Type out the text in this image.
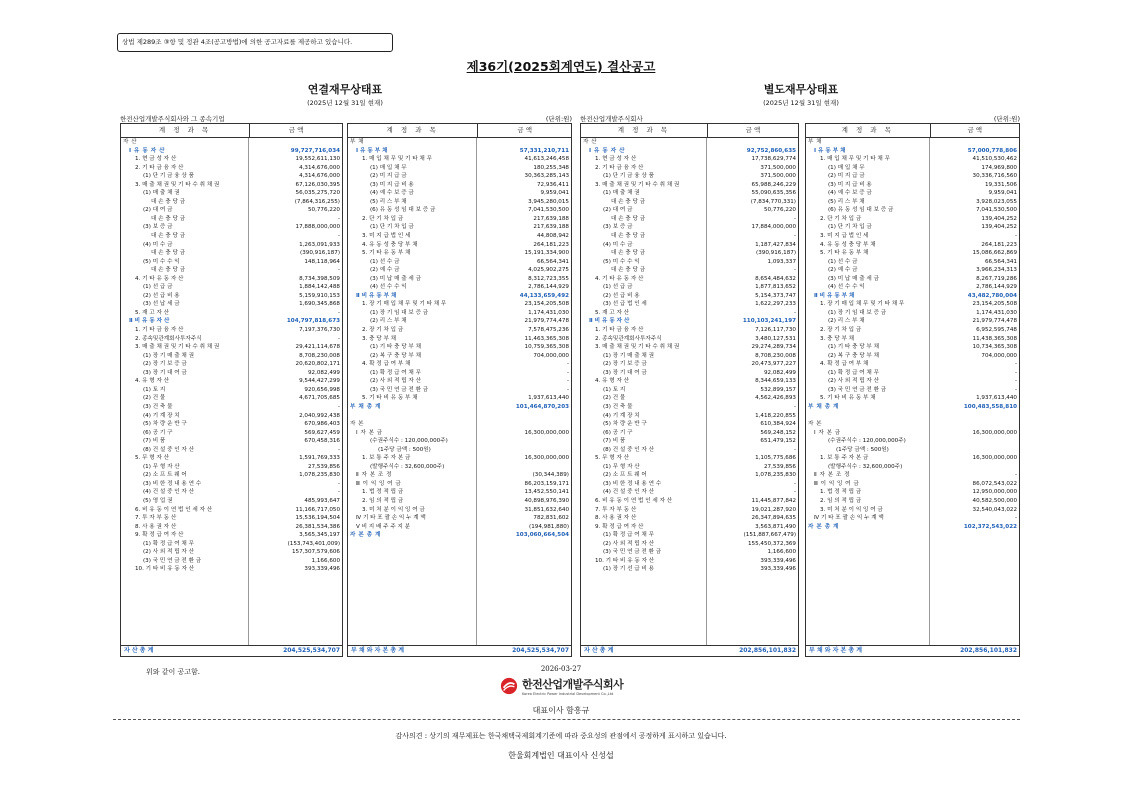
상법 제289조 ③항 및 정관 4조(공고방법)에 의한 공고자료를 제공하고 있습니다.
제36기(2025회계연도) 결산공고
연결재무상태표
(2025년 12월 31일 현재)
별도재무상태표
(2025년 12월 31일 현재)
한전산업개발주식회사와 그 종속기업	(단위:원) 한전산업개발주식회사	(단위:원)
계 정 과 목	금 액
자 산
Ⅰ 유 동 자 산	99,727,716,034
1. 현 금 성 자 산	19,552,611,130
2. 기 타 금 융 자 산	4,314,676,000
(1) 단 기 금 융 상 품	4,314,676,000
3. 매 출 채 권 및 기 타 수 취 채 권	67,126,030,395
(1) 매 출 채 권	56,035,275,720
대 손 충 당 금	(7,864,316,255)
(2) 대 여 금	50,776,220
대 손 충 당 금	-
(3) 보 증 금	17,888,000,000
대 손 충 당 금	-
(4) 미 수 금	1,263,091,933
대 손 충 당 금	(390,916,187)
(5) 미 수 수 익	148,118,964
대 손 충 당 금	-
4. 기 타 유 동 자 산	8,734,398,509
(1) 선 급 금	1,884,142,488
(2) 선 급 비 용	5,159,910,153
(3) 선 납 세 금	1,690,345,868
5. 재 고 자 산	-
Ⅱ 비 유 동 자 산	104,797,818,673
1. 기 타 금 융 자 산	7,197,376,730
2. 종속및관계회사투자주식	-
3. 매 출 채 권 및 기 타 수 취 채 권	29,421,114,678
(1) 장 기 매 출 채 권	8,708,230,008
(2) 장 기 보 증 금	20,620,802,171
(3) 장 기 대 여 금	92,082,499
4. 유 형 자 산	9,544,427,299
(1) 토 지	920,656,998
(2) 건 물	4,671,705,685
(3) 건 축 물	-
(4) 기 계 장 치	2,040,992,438
(5) 차 량 운 반 구	670,986,403
(6) 공 기 구	569,627,459
(7) 비 품	670,458,316
(8) 건 설 중 인 자 산	-
5. 무 형 자 산	1,591,769,333
(1) 무 형 자 산	27,539,856
(2) 소 프 트 웨 어	1,078,235,830
(3) 비 한 정 내 용 연 수	-
(4) 건 설 중 인 자 산	-
(5) 영 업 권	485,993,647
6. 비 유 동 이 연 법 인 세 자 산	11,166,717,050
7. 투 자 부 동 산	15,536,194,504
8. 사 용 권 자 산	26,381,534,386
9. 확 정 급 여 자 산	3,565,345,197
(1) 확 정 급 여 채 무	(153,743,401,009)
(2) 사 외 적 립 자 산	157,307,579,606
(3) 국 민 연 금 전 환 금	1,166,600
10. 기 타 비 유 동 자 산	393,339,496
자 산 총 계	204,525,534,707
계 정 과 목	금 액
부 채
Ⅰ 유 동 부 채	57,331,210,711
1. 매 입 채 무 및 기 타 채 무	41,613,246,458
(1) 매 입 채 무	180,255,348
(2) 미 지 급 금	30,363,285,143
(3) 미 지 급 비 용	72,936,411
(4) 예 수 보 증 금	9,959,041
(5) 리 스 부 채	3,945,280,015
(6) 유 동 성 임 대 보 증 금	7,041,530,500
2. 단 기 차 입 금	217,639,188
(1) 단 기 차 입 금	217,639,188
3. 미 지 급 법 인 세	44,808,942
4. 유 동 성 충 당 부 채	264,181,223
5. 기 타 유 동 부 채	15,191,334,900
(1) 선 수 금	66,564,341
(2) 예 수 금	4,025,902,275
(3) 미 납 매 출 세 금	8,312,723,355
(4) 선 수 수 익	2,786,144,929
Ⅱ 비 유 동 부 채	44,133,659,492
1. 장 기 매 입 채 무 및 기 타 채 무	23,154,205,508
(1) 장 기 임 대 보 증 금	1,174,431,030
(2) 리 스 부 채	21,979,774,478
2. 장 기 차 입 금	7,578,475,236
3. 충 당 부 채	11,463,365,308
(1) 기 타 충 당 부 채	10,759,365,308
(2) 복 구 충 당 부 채	704,000,000
4. 확 정 급 여 부 채	-
(1) 확 정 급 여 채 무	-
(2) 사 외 적 립 자 산	-
(3) 국 민 연 금 전 환 금	-
5. 기 타 비 유 동 부 채	1,937,613,440
부 채 총 계	101,464,870,203
자 본
Ⅰ 자 본 금	16,300,000,000
(수권주식수 : 120,000,000주)
(1주당 금액 : 500원)
1. 보 통 주 자 본 금	16,300,000,000
(발행주식수 : 32,600,000주)
Ⅱ 자 본 조 정	(30,344,389)
Ⅲ 이 익 잉 여 금	86,203,159,171
1. 법 정 적 립 금	13,452,550,141
2. 임 의 적 립 금	40,898,976,390
3. 미 처 분 이 익 잉 여 금	31,851,632,640
Ⅳ 기 타 포 괄 손 익 누 계 액	782,831,602
Ⅴ 비 지 배 주 주 지 분	(194,981,880)
자 본 총 계	103,060,664,504
부 채 와 자 본 총 계	204,525,534,707
계 정 과 목	금 액
자 산
Ⅰ 유 동 자 산	92,752,860,635
1. 현 금 성 자 산	17,738,629,774
2. 기 타 금 융 자 산	371,500,000
(1) 단 기 금 융 상 품	371,500,000
3. 매 출 채 권 및 기 타 수 취 채 권	65,988,246,229
(1) 매 출 채 권	55,090,635,356
대 손 충 당 금	(7,834,770,331)
(2) 대 여 금	50,776,220
대 손 충 당 금	-
(3) 보 증 금	17,884,000,000
대 손 충 당 금	-
(4) 미 수 금	1,187,427,834
대 손 충 당 금	(390,916,187)
(5) 미 수 수 익	1,093,337
대 손 충 당 금	-
4. 기 타 유 동 자 산	8,654,484,632
(1) 선 급 금	1,877,813,652
(2) 선 급 비 용	5,154,373,747
(3) 선 급 법 인 세	1,622,297,233
5. 재 고 자 산	-
Ⅱ 비 유 동 자 산	110,103,241,197
1. 기 타 금 융 자 산	7,126,117,730
2. 종속및관계회사투자주식	3,480,127,531
3. 매 출 채 권 및 기 타 수 취 채 권	29,274,289,734
(1) 장 기 매 출 채 권	8,708,230,008
(2) 장 기 보 증 금	20,473,977,227
(3) 장 기 대 여 금	92,082,499
4. 유 형 자 산	8,344,659,133
(1) 토 지	532,899,157
(2) 건 물	4,562,426,893
(3) 건 축 물	-
(4) 기 계 장 치	1,418,220,855
(5) 차 량 운 반 구	610,384,924
(6) 공 기 구	569,248,152
(7) 비 품	651,479,152
(8) 건 설 중 인 자 산	-
5. 무 형 자 산	1,105,775,686
(1) 무 형 자 산	27,539,856
(2) 소 프 트 웨 어	1,078,235,830
(3) 비 한 정 내 용 연 수	-
(4) 건 설 중 인 자 산	-
6. 비 유 동 이 연 법 인 세 자 산	11,445,877,842
7. 투 자 부 동 산	19,021,287,920
8. 사 용 권 자 산	26,347,894,635
9. 확 정 급 여 자 산	3,563,871,490
(1) 확 정 급 여 채 무	(151,887,667,479)
(2) 사 외 적 립 자 산	155,450,372,369
(3) 국 민 연 금 전 환 금	1,166,600
10. 기 타 비 유 동 자 산	393,339,496
(1) 장 기 선 급 비 용	393,339,496
자 산 총 계	202,856,101,832
계 정 과 목	금 액
부 채
Ⅰ 유 동 부 채	57,000,778,806
1. 매 입 채 무 및 기 타 채 무	41,510,530,462
(1) 매 입 채 무	174,969,800
(2) 미 지 급 금	30,336,716,560
(3) 미 지 급 비 용	19,331,506
(4) 예 수 보 증 금	9,959,041
(5) 리 스 부 채	3,928,023,055
(6) 유 동 성 임 대 보 증 금	7,041,530,500
2. 단 기 차 입 금	139,404,252
(1) 단 기 차 입 금	139,404,252
3. 미 지 급 법 인 세	-
4. 유 동 성 충 당 부 채	264,181,223
5. 기 타 유 동 부 채	15,086,662,869
(1) 선 수 금	66,564,341
(2) 예 수 금	3,966,234,313
(3) 미 납 매 출 세 금	8,267,719,286
(4) 선 수 수 익	2,786,144,929
Ⅱ 비 유 동 부 채	43,482,780,004
1. 장 기 매 입 채 무 및 기 타 채 무	23,154,205,508
(1) 장 기 임 대 보 증 금	1,174,431,030
(2) 리 스 부 채	21,979,774,478
2. 장 기 차 입 금	6,952,595,748
3. 충 당 부 채	11,438,365,308
(1) 기 타 충 당 부 채	10,734,365,308
(2) 복 구 충 당 부 채	704,000,000
4. 확 정 급 여 부 채	-
(1) 확 정 급 여 채 무	-
(2) 사 외 적 립 자 산	-
(3) 국 민 연 금 전 환 금	-
5. 기 타 비 유 동 부 채	1,937,613,440
부 채 총 계	100,483,558,810
자 본
Ⅰ 자 본 금	16,300,000,000
(수권주식수 : 120,000,000주)
(1주당 금액 : 500원)
1. 보 통 주 자 본 금	16,300,000,000
(발행주식수 : 32,600,000주)
Ⅱ 자 본 조 정	-
Ⅲ 이 익 잉 여 금	86,072,543,022
1. 법 정 적 립 금	12,950,000,000
2. 임 의 적 립 금	40,582,500,000
3. 미 처 분 이 익 잉 여 금	32,540,043,022
Ⅳ 기 타 포 괄 손 익 누 계 액	-
자 본 총 계	102,372,543,022
부 채 와 자 본 총 계	202,856,101,832
위와 같이 공고함.	2026-03-27
한전산업개발주식회사
Korea Electric Power Industrial Development Co.,Ltd
대표이사 함흥규
감사의견 : 상기의 재무제표는 한국채택국제회계기준에 따라 중요성의 관점에서 공정하게 표시하고 있습니다.
한울회계법인 대표이사 신성섭
